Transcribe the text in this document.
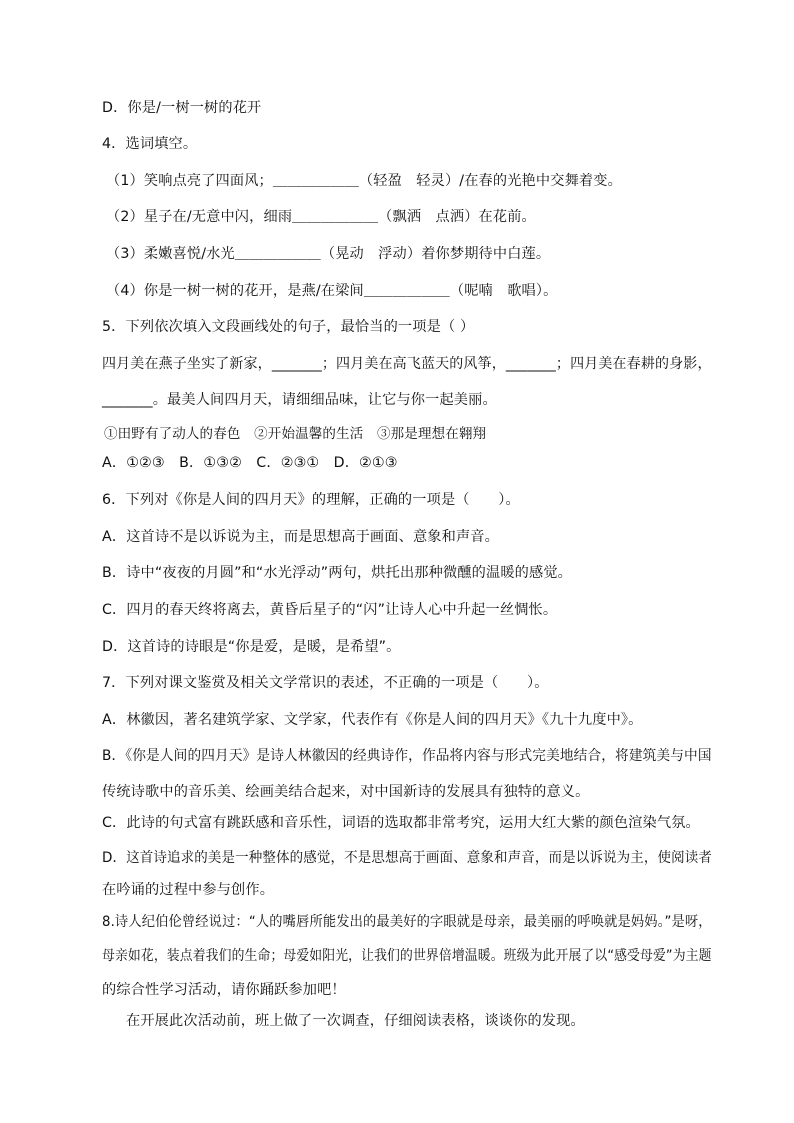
D．你是/一树一树的花开
4．选词填空。
（1）笑响点亮了四面风；＿＿＿＿＿＿（轻盈　轻灵）/在春的光艳中交舞着变。
（2）星子在/无意中闪，细雨＿＿＿＿＿＿（飘洒　点洒）在花前。
（3）柔嫩喜悦/水光＿＿＿＿＿＿（晃动　浮动）着你梦期待中白莲。
（4）你是一树一树的花开，是燕/在梁间＿＿＿＿＿＿（呢喃　歌唱）。
5．下列依次填入文段画线处的句子，最恰当的一项是（ ）
四月美在燕子坐实了新家，_______；四月美在高飞蓝天的风筝，_______；四月美在春耕的身影，
_______。最美人间四月天，请细细品味，让它与你一起美丽。
①田野有了动人的春色　②开始温馨的生活　③那是理想在翱翔
A．①②③　B．①③②　C．②③①　D．②①③
6．下列对《你是人间的四月天》的理解，正确的一项是（　　）。
A．这首诗不是以诉说为主，而是思想高于画面、意象和声音。
B．诗中“夜夜的月圆”和“水光浮动”两句，烘托出那种微醺的温暖的感觉。
C．四月的春天终将离去，黄昏后星子的“闪”让诗人心中升起一丝惆怅。
D．这首诗的诗眼是“你是爱，是暖，是希望”。
7．下列对课文鉴赏及相关文学常识的表述，不正确的一项是（　　）。
A．林徽因，著名建筑学家、文学家，代表作有《你是人间的四月天》《九十九度中》。
B．《你是人间的四月天》是诗人林徽因的经典诗作，作品将内容与形式完美地结合，将建筑美与中国
传统诗歌中的音乐美、绘画美结合起来，对中国新诗的发展具有独特的意义。
C．此诗的句式富有跳跃感和音乐性，词语的选取都非常考究，运用大红大紫的颜色渲染气氛。
D．这首诗追求的美是一种整体的感觉，不是思想高于画面、意象和声音，而是以诉说为主，使阅读者
在吟诵的过程中参与创作。
8.诗人纪伯伦曾经说过：“人的嘴唇所能发出的最美好的字眼就是母亲，最美丽的呼唤就是妈妈。”是呀，
母亲如花，装点着我们的生命；母爱如阳光，让我们的世界倍增温暖。班级为此开展了以“感受母爱”为主题
的综合性学习活动，请你踊跃参加吧！
在开展此次活动前，班上做了一次调查，仔细阅读表格，谈谈你的发现。
